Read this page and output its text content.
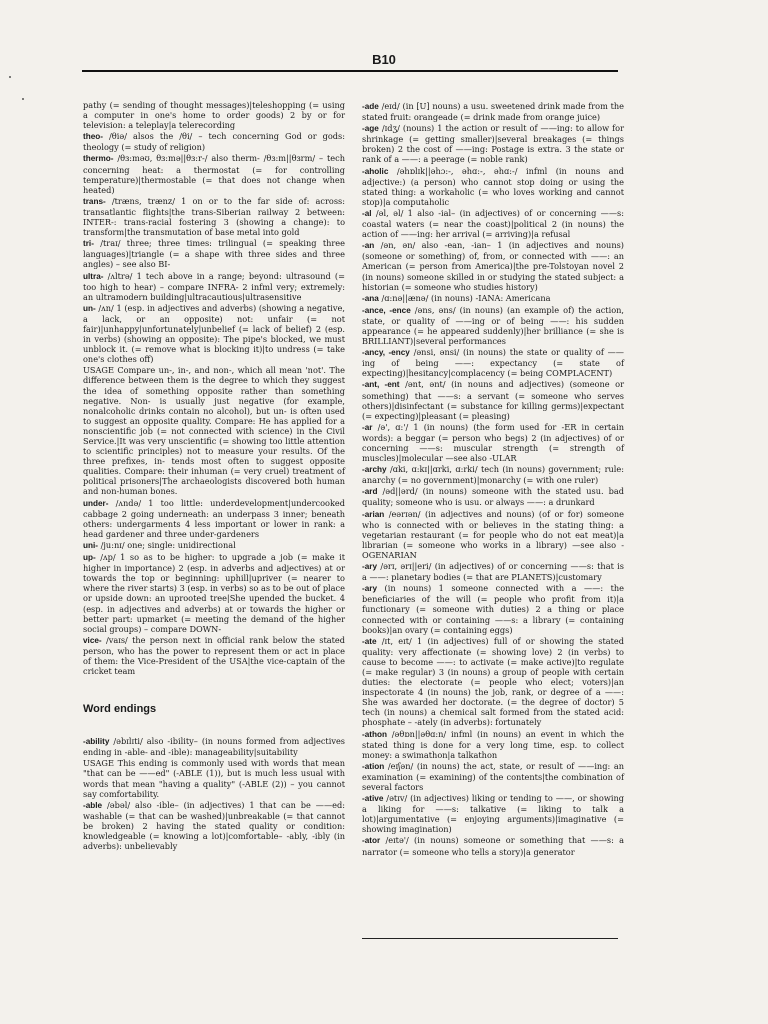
B10
pathy (= sending of thought messages)|teleshopping (= using a computer in one's home to order goods) 2 by or for television: a teleplay|a telerecording
theo- /θiə/ alsos the /θi/ – tech concerning God or gods: theology (= study of religion)
thermo- /θɜ:məʊ, θɜ:mə||θɜ:r-/ also therm- /θɜ:m||θɜrm/ – tech concerning heat: a thermostat (= for controlling temperature)|thermostable (= that does not change when heated)
trans- /træns, trænz/ 1 on or to the far side of: across: transatlantic flights|the trans-Siberian railway 2 between: INTER-: trans-racial fostering 3 (showing a change): to transform|the transmutation of base metal into gold
tri- /traɪ/ three; three times: trilingual (= speaking three languages)|triangle (= a shape with three sides and three angles) – see also BI-
ultra- /ʌltrə/ 1 tech above in a range; beyond: ultrasound (= too high to hear) – compare INFRA- 2 infml very; extremely: an ultramodern building|ultracautious|ultrasensitive
un- /ʌn/ 1 (esp. in adjectives and adverbs) (showing a negative, a lack, or an opposite) not: unfair (= not fair)|unhappy|unfortunately|unbelief (= lack of belief) 2 (esp. in verbs) (showing an opposite): The pipe's blocked, we must unblock it. (= remove what is blocking it)|to undress (= take one's clothes off)
USAGE Compare un-, in-, and non-, which all mean 'not'. The difference between them is the degree to which they suggest the idea of something opposite rather than something negative. Non- is usually just negative (for example, nonalcoholic drinks contain no alcohol), but un- is often used to suggest an opposite quality. Compare: He has applied for a nonscientific job (= not connected with science) in the Civil Service.|It was very unscientific (= showing too little attention to scientific principles) not to measure your results. Of the three prefixes, in- tends most often to suggest opposite qualities. Compare: their inhuman (= very cruel) treatment of political prisoners|The archaeologists discovered both human and non-human bones.
under- /ʌndə/ 1 too little: underdevelopment|undercooked cabbage 2 going underneath: an underpass 3 inner; beneath others: undergarments 4 less important or lower in rank: a head gardener and three under-gardeners
uni- /ju:nɪ/ one; single: unidirectional
up- /ʌp/ 1 so as to be higher: to upgrade a job (= make it higher in importance) 2 (esp. in adverbs and adjectives) at or towards the top or beginning: uphill|upriver (= nearer to where the river starts) 3 (esp. in verbs) so as to be out of place or upside down: an uprooted tree|She upended the bucket. 4 (esp. in adjectives and adverbs) at or towards the higher or better part: upmarket (= meeting the demand of the higher social groups) – compare DOWN-
vice- /vaɪs/ the person next in official rank below the stated person, who has the power to represent them or act in place of them: the Vice-President of the USA|the vice-captain of the cricket team
Word endings
-ability /əbɪlɪti/ also -ibility– (in nouns formed from adjectives ending in -able- and -ible): manageability|suitability
USAGE This ending is commonly used with words that mean "that can be ——ed" (-ABLE (1)), but is much less usual with words that mean "having a quality" (-ABLE (2)) – you cannot say comfortability.
-able /əbəl/ also -ible– (in adjectives) 1 that can be ——ed: washable (= that can be washed)|unbreakable (= that cannot be broken) 2 having the stated quality or condition: knowledgeable (= knowing a lot)|comfortable– -ably, -ibly (in adverbs): unbelievably
-ade /eɪd/ (in [U] nouns) a usu. sweetened drink made from the stated fruit: orangeade (= drink made from orange juice)
-age /ɪdʒ/ (nouns) 1 the action or result of ——ing: to allow for shrinkage (= getting smaller)|several breakages (= things broken) 2 the cost of ——ing: Postage is extra. 3 the state or rank of a ——: a peerage (= noble rank)
-aholic /əhɒlɪk||əhɔ:-, əhɑ:-, əhɑ:-/ infml (in nouns and adjective:) (a person) who cannot stop doing or using the stated thing: a workaholic (= who loves working and cannot stop)|a computaholic
-al /əl, əl/ 1 also -ial– (in adjectives) of or concerning ——s: coastal waters (= near the coast)|political 2 (in nouns) the action of ——ing: her arrival (= arriving)|a refusal
-an /ən, ən/ also -ean, -ian– 1 (in adjectives and nouns) (someone or something) of, from, or connected with ——: an American (= person from America)|the pre-Tolstoyan novel 2 (in nouns) someone skilled in or studying the stated subject: a historian (= someone who studies history)
-ana /ɑ:nə||ænə/ (in nouns) -IANA: Americana
-ance, -ence /əns, əns/ (in nouns) (an example of) the action, state, or quality of ——ing or of being ——: his sudden appearance (= he appeared suddenly)|her brilliance (= she is BRILLIANT)|several performances
-ancy, -ency /ənsi, ənsi/ (in nouns) the state or quality of ——ing of being ——: expectancy (= state of expecting)|hesitancy|complacency (= being COMPLACENT)
-ant, -ent /ənt, ənt/ (in nouns and adjectives) (someone or something) that ——s: a servant (= someone who serves others)|disinfectant (= substance for killing germs)|expectant (= expecting)|pleasant (= pleasing)
-ar /ə', ɑ:'/ 1 (in nouns) (the form used for -ER in certain words): a beggar (= person who begs) 2 (in adjectives) of or concerning ——s: muscular strength (= strength of muscles)|molecular —see also -ULAR
-archy /ɑki, ɑ:kɪ||ɑrki, ɑ:rki/ tech (in nouns) government; rule: anarchy (= no government)|monarchy (= with one ruler)
-ard /əd||ərd/ (in nouns) someone with the stated usu. bad quality; someone who is usu. or always ——: a drunkard
-arian /eərɪən/ (in adjectives and nouns) (of or for) someone who is connected with or believes in the stating thing: a vegetarian restaurant (= for people who do not eat meat)|a librarian (= someone who works in a library) —see also -OGENARIAN
-ary /ərɪ, ərɪ||eri/ (in adjectives) of or concerning ——s: that is a ——: planetary bodies (= that are PLANETS)|customary
-ary (in nouns) 1 someone connected with a ——: the beneficiaries of the will (= people who profit from it)|a functionary (= someone with duties) 2 a thing or place connected with or containing ——s: a library (= containing books)|an ovary (= containing eggs)
-ate /ɪt, eɪt/ 1 (in adjectives) full of or showing the stated quality: very affectionate (= showing love) 2 (in verbs) to cause to become ——: to activate (= make active)|to regulate (= make regular) 3 (in nouns) a group of people with certain duties: the electorate (= people who elect; voters)|an inspectorate 4 (in nouns) the job, rank, or degree of a ——: She was awarded her doctorate. (= the degree of doctor) 5 tech (in nouns) a chemical salt formed from the stated acid: phosphate – -ately (in adverbs): fortunately
-athon /əθɒn||əθɑ:n/ infml (in nouns) an event in which the stated thing is done for a very long time, esp. to collect money: a swimathon|a talkathon
-ation /eɪʃən/ (in nouns) the act, state, or result of ——ing: an examination (= examining) of the contents|the combination of several factors
-ative /ətɪv/ (in adjectives) liking or tending to ——, or showing a liking for ——s: talkative (= liking to talk a lot)|argumentative (= enjoying arguments)|imaginative (= showing imagination)
-ator /eɪtə'/ (in nouns) someone or something that ——s: a narrator (= someone who tells a story)|a generator
